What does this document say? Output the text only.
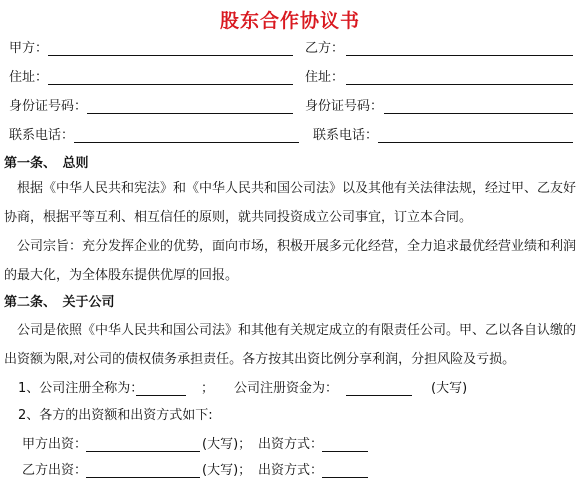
股东合作协议书
甲方：	乙方：
住址：	住址：
身份证号码：	身份证号码：
联系电话：	联系电话：
第一条、　总则
根据《中华人民共和宪法》和《中华人民共和国公司法》以及其他有关法律法规，经过甲、乙友好协商，根据平等互利、相互信任的原则，就共同投资成立公司事宜，订立本合同。
公司宗旨：充分发挥企业的优势，面向市场，积极开展多元化经营，全力追求最优经营业绩和利润的最大化，为全体股东提供优厚的回报。
第二条、　关于公司
公司是依照《中华人民共和国公司法》和其他有关规定成立的有限责任公司。甲、乙以各自认缴的出资额为限,对公司的债权债务承担责任。各方按其出资比例分享利润，分担风险及亏损。
1、公司注册全称为：	； 公司注册资金为：	(大写)
2、各方的出资额和出资方式如下:
甲方出资：	(大写)； 出资方式：
乙方出资：	(大写)； 出资方式：
